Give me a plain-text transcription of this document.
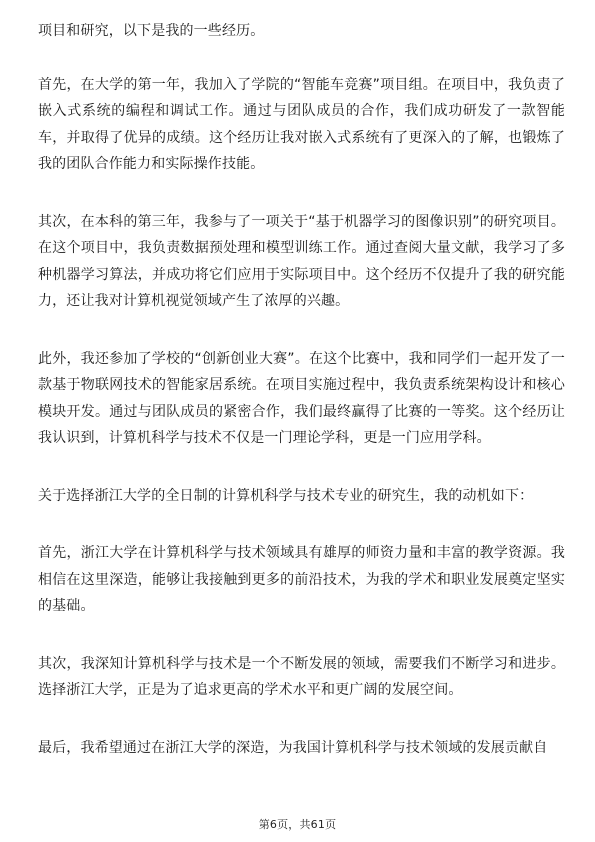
项目和研究，以下是我的一些经历。

首先，在大学的第一年，我加入了学院的“智能车竞赛”项目组。在项目中，我负责了嵌入式系统的编程和调试工作。通过与团队成员的合作，我们成功研发了一款智能车，并取得了优异的成绩。这个经历让我对嵌入式系统有了更深入的了解，也锻炼了我的团队合作能力和实际操作技能。

其次，在本科的第三年，我参与了一项关于“基于机器学习的图像识别”的研究项目。在这个项目中，我负责数据预处理和模型训练工作。通过查阅大量文献，我学习了多种机器学习算法，并成功将它们应用于实际项目中。这个经历不仅提升了我的研究能力，还让我对计算机视觉领域产生了浓厚的兴趣。

此外，我还参加了学校的“创新创业大赛”。在这个比赛中，我和同学们一起开发了一款基于物联网技术的智能家居系统。在项目实施过程中，我负责系统架构设计和核心模块开发。通过与团队成员的紧密合作，我们最终赢得了比赛的一等奖。这个经历让我认识到，计算机科学与技术不仅是一门理论学科，更是一门应用学科。

关于选择浙江大学的全日制的计算机科学与技术专业的研究生，我的动机如下：

首先，浙江大学在计算机科学与技术领域具有雄厚的师资力量和丰富的教学资源。我相信在这里深造，能够让我接触到更多的前沿技术，为我的学术和职业发展奠定坚实的基础。

其次，我深知计算机科学与技术是一个不断发展的领域，需要我们不断学习和进步。选择浙江大学，正是为了追求更高的学术水平和更广阔的发展空间。

最后，我希望通过在浙江大学的深造，为我国计算机科学与技术领域的发展贡献自

第6页，共61页
